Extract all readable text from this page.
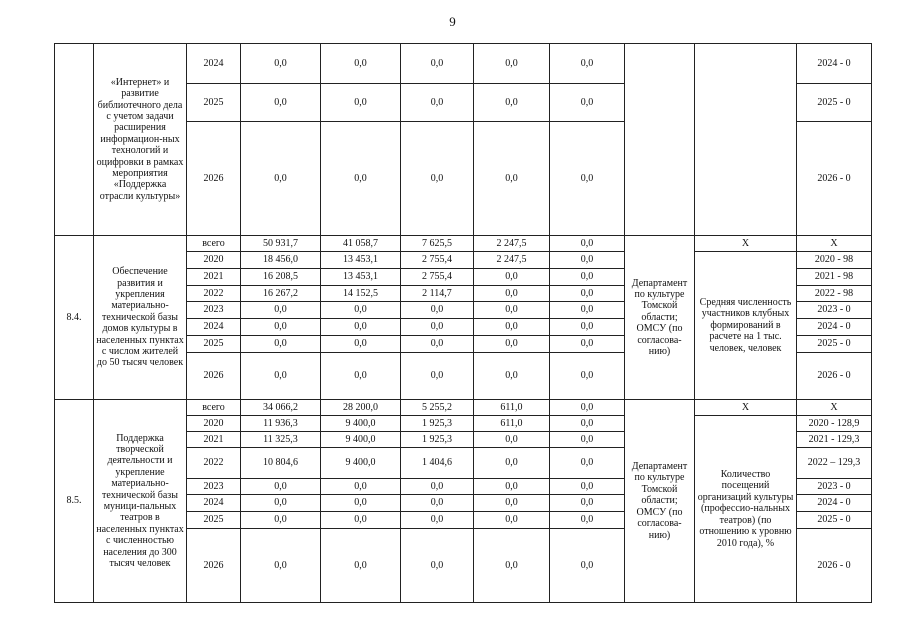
9
	«Интернет» и развитие библиотечного дела с учетом задачи расширения информацион-ных технологий и оцифровки в рамках мероприятия «Поддержка отрасли культуры»	2024	0,0	0,0	0,0	0,0	0,0			2024 - 0
		2025	0,0	0,0	0,0	0,0	0,0			2025 - 0
		2026	0,0	0,0	0,0	0,0	0,0			2026 - 0
8.4.	Обеспечение развития и укрепления материально-технической базы домов культуры в населенных пунктах с числом жителей до 50 тысяч человек	всего	50 931,7	41 058,7	7 625,5	2 247,5	0,0	Департамент по культуре Томской области; ОМСУ (по согласова-нию)	Х	Х
		2020	18 456,0	13 453,1	2 755,4	2 247,5	0,0		Средняя численность участников клубных формирований в расчете на 1 тыс. человек, человек	2020 - 98
		2021	16 208,5	13 453,1	2 755,4	0,0	0,0			2021 - 98
		2022	16 267,2	14 152,5	2 114,7	0,0	0,0			2022 - 98
		2023	0,0	0,0	0,0	0,0	0,0			2023 - 0
		2024	0,0	0,0	0,0	0,0	0,0			2024 - 0
		2025	0,0	0,0	0,0	0,0	0,0			2025 - 0
		2026	0,0	0,0	0,0	0,0	0,0			2026 - 0
8.5.	Поддержка творческой деятельности и укрепление материально-технической базы муници-пальных театров в населенных пунктах с численностью населения до 300 тысяч человек	всего	34 066,2	28 200,0	5 255,2	611,0	0,0	Департамент по культуре Томской области; ОМСУ (по согласова-нию)	Х	Х
		2020	11 936,3	9 400,0	1 925,3	611,0	0,0		Количество посещений организаций культуры (профессио-нальных театров) (по отношению к уровню 2010 года), %	2020 - 128,9
		2021	11 325,3	9 400,0	1 925,3	0,0	0,0			2021 - 129,3
		2022	10 804,6	9 400,0	1 404,6	0,0	0,0			2022 – 129,3
		2023	0,0	0,0	0,0	0,0	0,0			2023 - 0
		2024	0,0	0,0	0,0	0,0	0,0			2024 - 0
		2025	0,0	0,0	0,0	0,0	0,0			2025 - 0
		2026	0,0	0,0	0,0	0,0	0,0			2026 - 0
